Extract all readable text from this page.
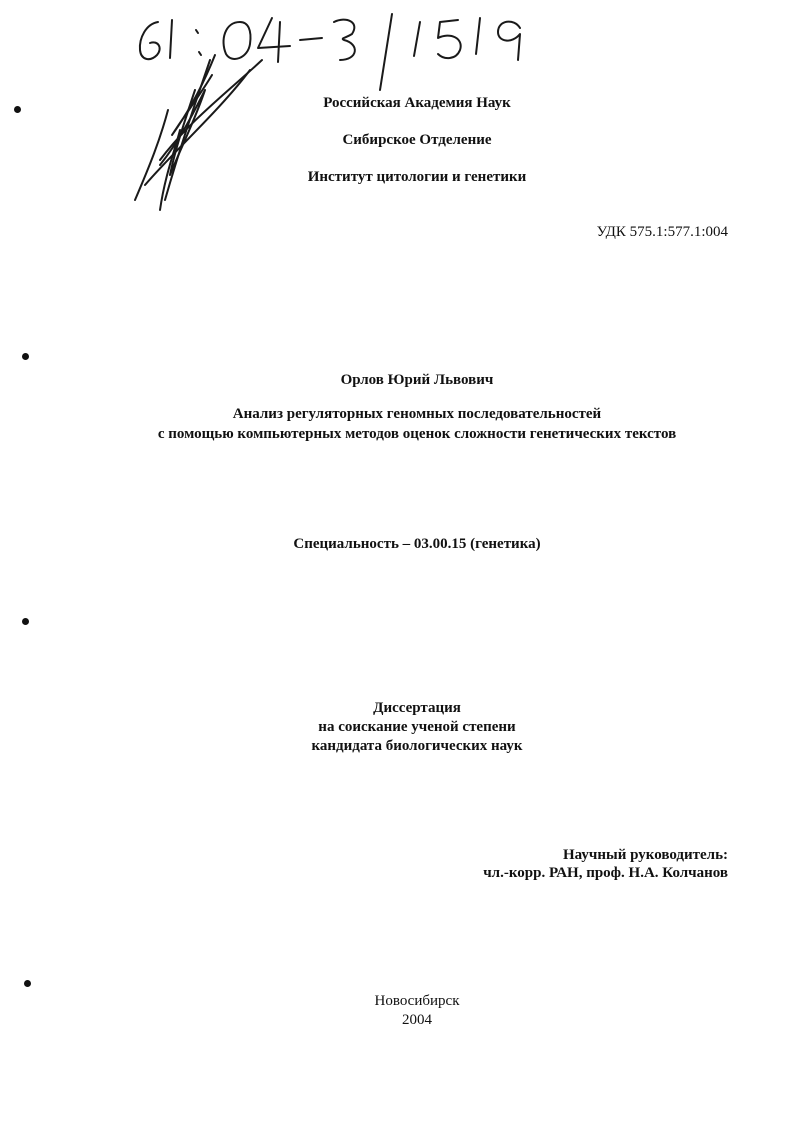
Российская Академия Наук
Сибирское Отделение
Институт цитологии и генетики
УДК 575.1:577.1:004
Орлов Юрий Львович
Анализ регуляторных геномных последовательностей
с помощью компьютерных методов оценок сложности генетических текстов
Специальность – 03.00.15 (генетика)
Диссертация
на соискание ученой степени
кандидата биологических наук
Научный руководитель:
чл.-корр. РАН, проф. Н.А. Колчанов
Новосибирск
2004
